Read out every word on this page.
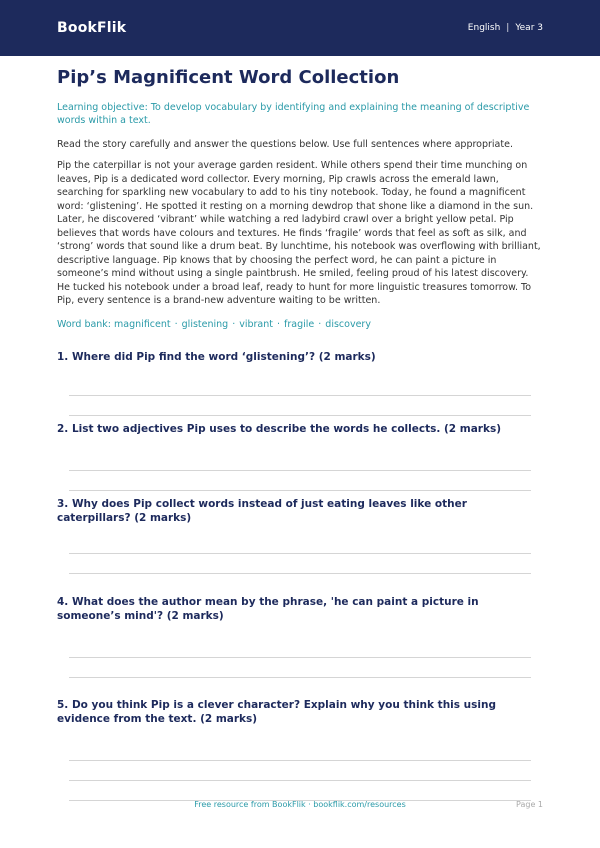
BookFlik	English | Year 3
Pip’s Magnificent Word Collection
Learning objective: To develop vocabulary by identifying and explaining the meaning of descriptive words within a text.
Read the story carefully and answer the questions below. Use full sentences where appropriate.
Pip the caterpillar is not your average garden resident. While others spend their time munching on leaves, Pip is a dedicated word collector. Every morning, Pip crawls across the emerald lawn, searching for sparkling new vocabulary to add to his tiny notebook. Today, he found a magnificent word: ‘glistening’. He spotted it resting on a morning dewdrop that shone like a diamond in the sun. Later, he discovered ‘vibrant’ while watching a red ladybird crawl over a bright yellow petal. Pip believes that words have colours and textures. He finds ‘fragile’ words that feel as soft as silk, and ‘strong’ words that sound like a drum beat. By lunchtime, his notebook was overflowing with brilliant, descriptive language. Pip knows that by choosing the perfect word, he can paint a picture in someone’s mind without using a single paintbrush. He smiled, feeling proud of his latest discovery. He tucked his notebook under a broad leaf, ready to hunt for more linguistic treasures tomorrow. To Pip, every sentence is a brand-new adventure waiting to be written.
Word bank: magnificent · glistening · vibrant · fragile · discovery
1. Where did Pip find the word ‘glistening’? (2 marks)
2. List two adjectives Pip uses to describe the words he collects. (2 marks)
3. Why does Pip collect words instead of just eating leaves like other caterpillars? (2 marks)
4. What does the author mean by the phrase, 'he can paint a picture in someone’s mind'? (2 marks)
5. Do you think Pip is a clever character? Explain why you think this using evidence from the text. (2 marks)
Free resource from BookFlik · bookflik.com/resources	Page 1
